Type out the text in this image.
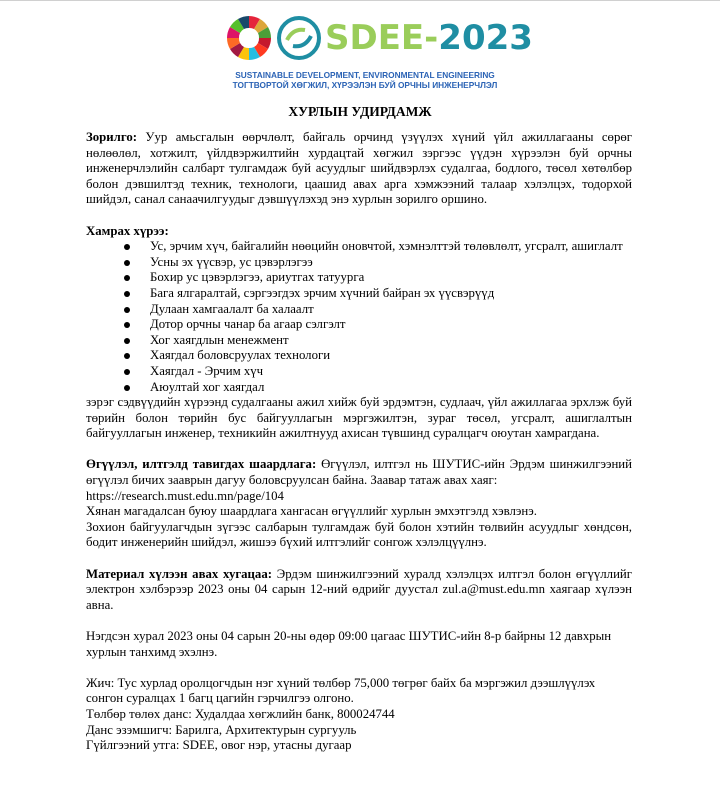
SDEE-2023
SUSTAINABLE DEVELOPMENT, ENVIRONMENTAL ENGINEERING
ТОГТВОРТОЙ ХӨГЖИЛ, ХҮРЭЭЛЭН БУЙ ОРЧНЫ ИНЖЕНЕРЧЛЭЛ
ХУРЛЫН УДИРДАМЖ

Зорилго: Уур амьсгалын өөрчлөлт, байгаль орчинд үзүүлэх хүний үйл ажиллагааны сөрөг нөлөөлөл, хотжилт, үйлдвэржилтийн хурдацтай хөгжил зэргээс үүдэн хүрээлэн буй орчны инженерчлэлийн салбарт тулгамдаж буй асуудлыг шийдвэрлэх судалгаа, бодлого, төсөл хөтөлбөр болон дэвшилтэд техник, технологи, цаашид авах арга хэмжээний талаар хэлэлцэх, тодорхой шийдэл, санал санаачилгуудыг дэвшүүлэхэд энэ хурлын зорилго оршино.

Хамрах хүрээ:

Ус, эрчим хүч, байгалийн нөөцийн оновчтой, хэмнэлттэй төлөвлөлт, угсралт, ашиглалт
Усны эх үүсвэр, ус цэвэрлэгээ
Бохир ус цэвэрлэгээ, ариутгах татуурга
Бага ялгаралтай, сэргээгдэх эрчим хүчний байран эх үүсвэрүүд
Дулаан хамгаалалт ба халаалт
Дотор орчны чанар ба агаар сэлгэлт
Хог хаягдлын менежмент
Хаягдал боловсруулах технологи
Хаягдал - Эрчим хүч
Аюултай хог хаягдал

зэрэг сэдвүүдийн хүрээнд судалгааны ажил хийж буй эрдэмтэн, судлаач, үйл ажиллагаа эрхлэж буй төрийн болон төрийн бус байгууллагын мэргэжилтэн, зураг төсөл, угсралт, ашиглалтын байгууллагын инженер, техникийн ажилтнууд ахисан түвшинд суралцагч оюутан хамрагдана.

Өгүүлэл, илтгэлд тавигдах шаардлага: Өгүүлэл, илтгэл нь ШУТИС-ийн Эрдэм шинжилгээний өгүүлэл бичих зааврын дагуу боловсруулсан байна. Заавар татаж авах хаяг:

https://research.must.edu.mn/page/104

Хянан магадалсан буюу шаардлага хангасан өгүүллийг хурлын эмхэтгэлд хэвлэнэ.

Зохион байгуулагчдын зүгээс салбарын тулгамдаж буй болон хэтийн төлвийн асуудлыг хөндсөн, бодит инженерийн шийдэл, жишээ бүхий илтгэлийг сонгож хэлэлцүүлнэ.

Материал хүлээн авах хугацаа: Эрдэм шинжилгээний хуралд хэлэлцэх илтгэл болон өгүүллийг электрон хэлбэрээр 2023 оны 04 сарын 12-ний өдрийг дуустал zul.a@must.edu.mn хаягаар хүлээн авна.

Нэгдсэн хурал 2023 оны 04 сарын 20-ны өдөр 09:00 цагаас ШУТИС-ийн 8-р байрны 12 давхрын хурлын танхимд эхэлнэ.

Жич: Тус хурлад оролцогчдын нэг хүний төлбөр 75,000 төгрөг байх ба мэргэжил дээшлүүлэх сонгон суралцах 1 багц цагийн гэрчилгээ олгоно.

Төлбөр төлөх данс: Худалдаа хөгжлийн банк, 800024744

Данс эзэмшигч: Барилга, Архитектурын сургууль

Гүйлгээний утга: SDEE, овог нэр, утасны дугаар
